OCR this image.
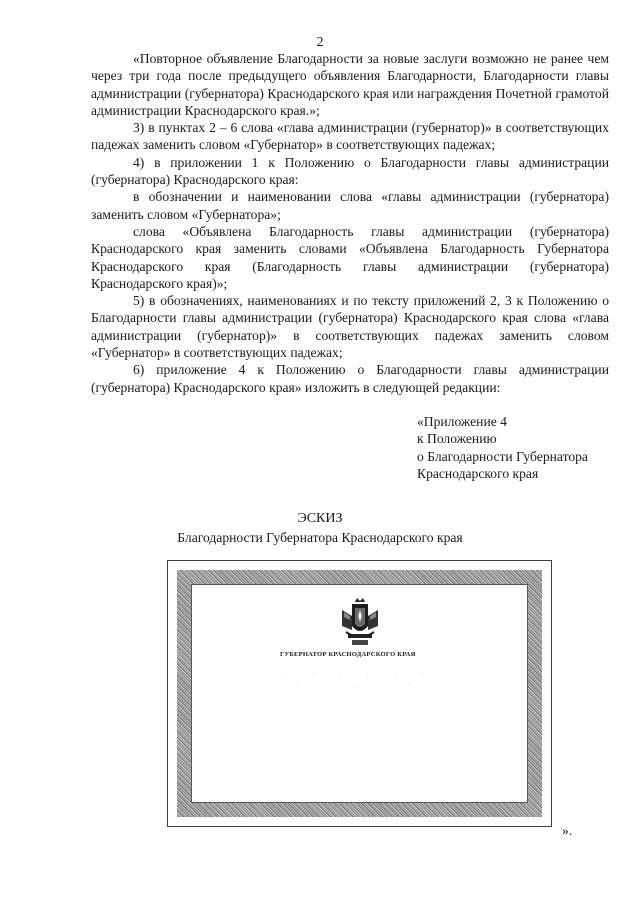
2

«Повторное объявление Благодарности за новые заслуги возможно не ранее чем через три года после предыдущего объявления Благодарности, Благодарности главы администрации (губернатора) Краснодарского края или награждения Почетной грамотой администрации Краснодарского края.»;

3) в пунктах 2 – 6 слова «глава администрации (губернатор)» в соответствующих падежах заменить словом «Губернатор» в соответствующих падежах;

4) в приложении 1 к Положению о Благодарности главы администрации (губернатора) Краснодарского края:

в обозначении и наименовании слова «главы администрации (губернатора) заменить словом «Губернатора»;

слова «Объявлена Благодарность главы администрации (губернатора) Краснодарского края заменить словами «Объявлена Благодарность Губернатора Краснодарского края (Благодарность главы администрации (губернатора) Краснодарского края)»;

5) в обозначениях, наименованиях и по тексту приложений 2, 3 к Положению о Благодарности главы администрации (губернатора) Краснодарского края слова «глава администрации (губернатор)» в соответствующих падежах заменить словом «Губернатор» в соответствующих падежах;

6) приложение 4 к Положению о Благодарности главы администрации (губернатора) Краснодарского края» изложить в следующей редакции:

«Приложение 4
к Положению
о Благодарности Губернатора
Краснодарского края
ЭСКИЗ
Благодарности Губернатора Краснодарского края
ГУБЕРНАТОР КРАСНОДАРСКОГО КРАЯ
».
